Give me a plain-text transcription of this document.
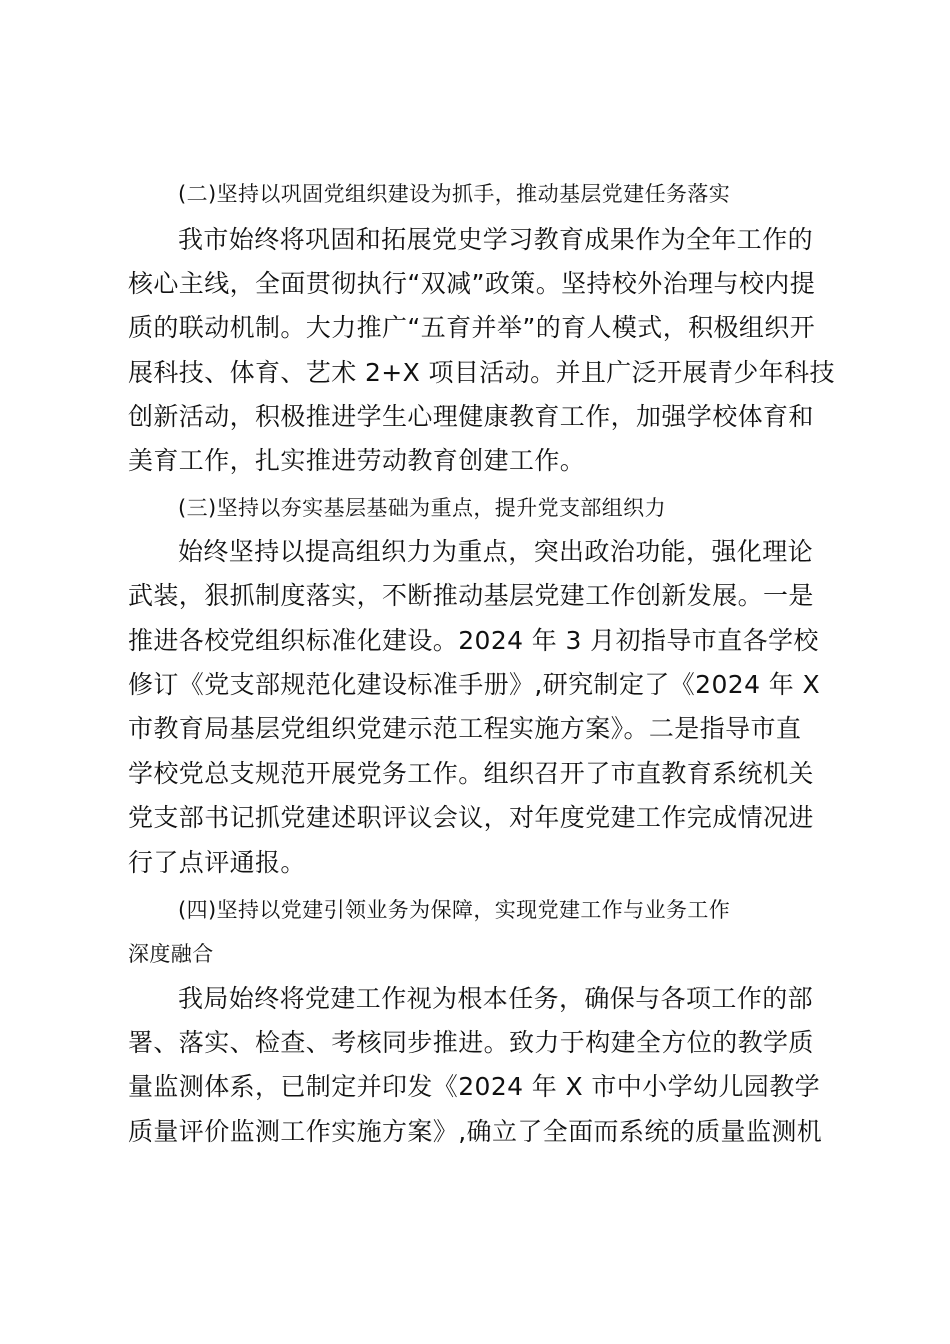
(二)坚持以巩固党组织建设为抓手，推动基层党建任务落实
我市始终将巩固和拓展党史学习教育成果作为全年工作的
核心主线，全面贯彻执行“双减”政策。坚持校外治理与校内提
质的联动机制。大力推广“五育并举”的育人模式，积极组织开
展科技、体育、艺术 2+X 项目活动。并且广泛开展青少年科技
创新活动，积极推进学生心理健康教育工作，加强学校体育和
美育工作，扎实推进劳动教育创建工作。
(三)坚持以夯实基层基础为重点，提升党支部组织力
始终坚持以提高组织力为重点，突出政治功能，强化理论
武装，狠抓制度落实，不断推动基层党建工作创新发展。一是
推进各校党组织标准化建设。2024 年 3 月初指导市直各学校
修订《党支部规范化建设标准手册》,研究制定了《2024 年 X
市教育局基层党组织党建示范工程实施方案》。二是指导市直
学校党总支规范开展党务工作。组织召开了市直教育系统机关
党支部书记抓党建述职评议会议，对年度党建工作完成情况进
行了点评通报。
(四)坚持以党建引领业务为保障，实现党建工作与业务工作
深度融合
我局始终将党建工作视为根本任务，确保与各项工作的部
署、落实、检查、考核同步推进。致力于构建全方位的教学质
量监测体系，已制定并印发《2024 年 X 市中小学幼儿园教学
质量评价监测工作实施方案》,确立了全面而系统的质量监测机
